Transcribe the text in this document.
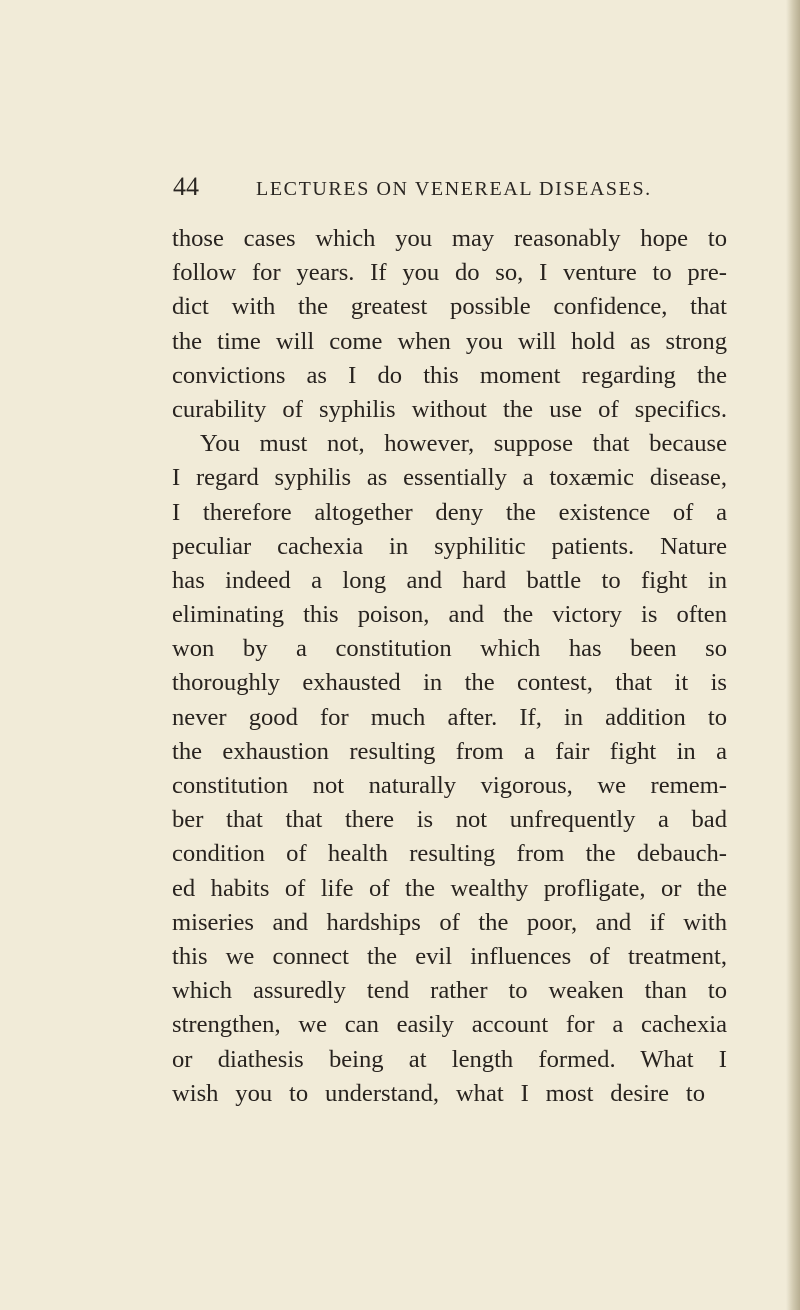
44	LECTURES ON VENEREAL DISEASES.
those cases which you may reasonably hope to
follow for years. If you do so, I venture to pre-
dict with the greatest possible confidence, that
the time will come when you will hold as strong
convictions as I do this moment regarding the
curability of syphilis without the use of specifics.
You must not, however, suppose that because
I regard syphilis as essentially a toxæmic disease,
I therefore altogether deny the existence of a
peculiar cachexia in syphilitic patients. Nature
has indeed a long and hard battle to fight in
eliminating this poison, and the victory is often
won by a constitution which has been so
thoroughly exhausted in the contest, that it is
never good for much after. If, in addition to
the exhaustion resulting from a fair fight in a
constitution not naturally vigorous, we remem-
ber that that there is not unfrequently a bad
condition of health resulting from the debauch-
ed habits of life of the wealthy profligate, or the
miseries and hardships of the poor, and if with
this we connect the evil influences of treatment,
which assuredly tend rather to weaken than to
strengthen, we can easily account for a cachexia
or diathesis being at length formed. What I
wish you to understand, what I most desire to
